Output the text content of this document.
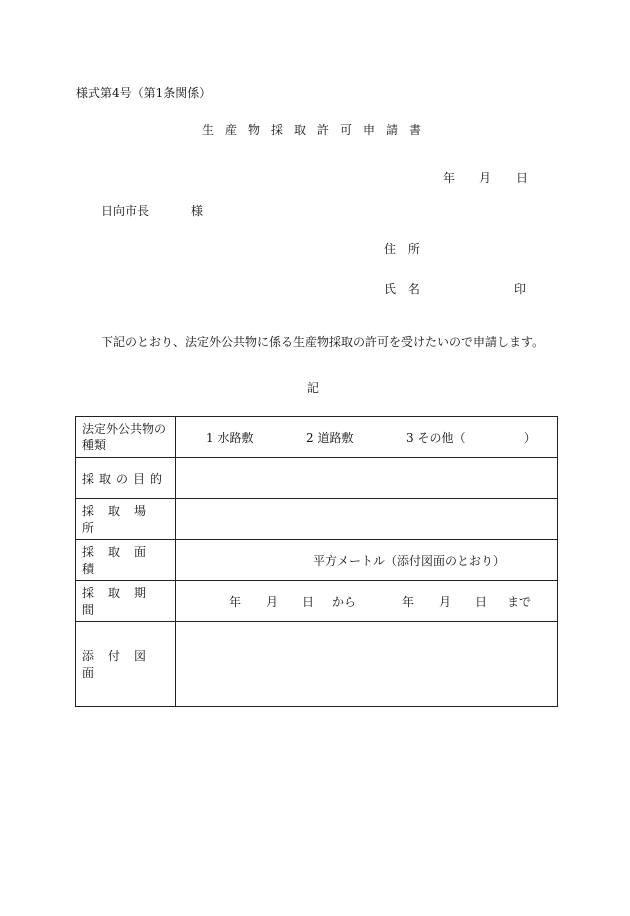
様式第4号（第1条関係）
生産物採取許可申請書
年 月 日
日向市長	様
住 所
氏 名	印
下記のとおり、法定外公共物に係る生産物採取の許可を受けたいので申請します。
記
法定外公共物の種類	1 水路敷 2 道路敷 3 その他（ ）

採取の目的	

採取場所	

採取面積	平方メートル（添付図面のとおり）

採取期間	年 月 日 から 年 月 日 まで

添付図面	
